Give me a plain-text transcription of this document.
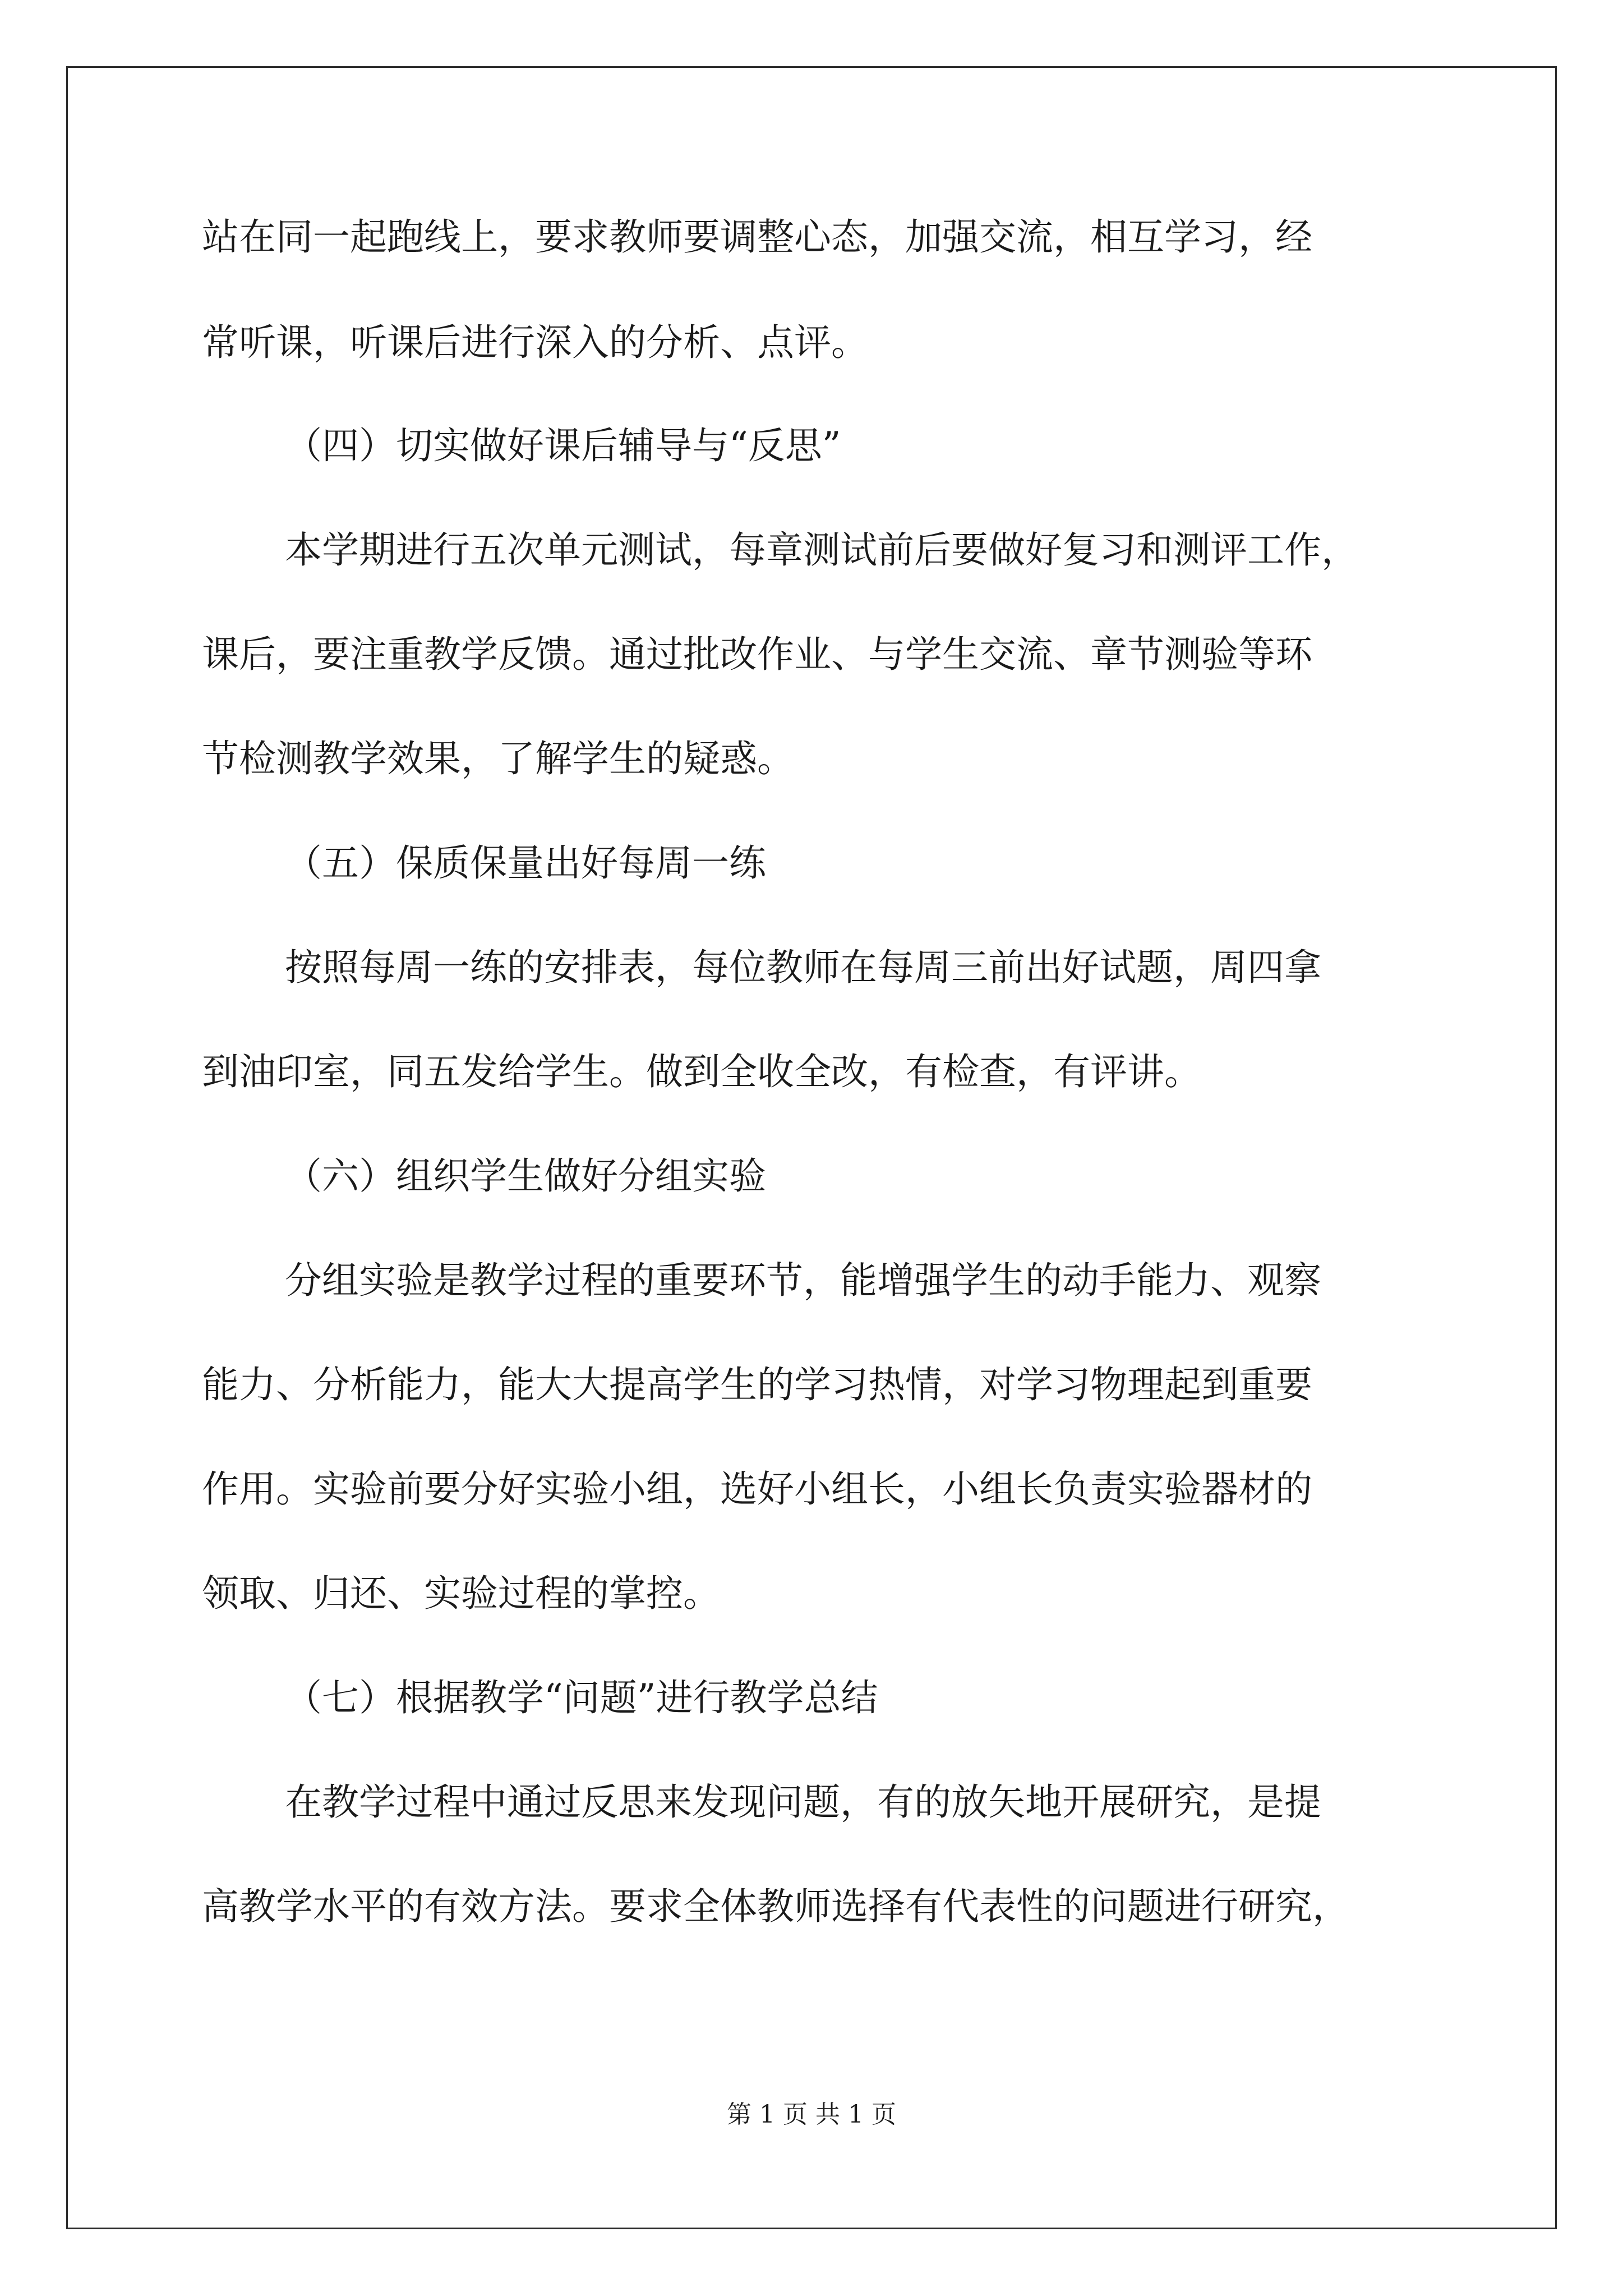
站在同一起跑线上，要求教师要调整心态，加强交流，相互学习，经
常听课，听课后进行深入的分析、点评。
（四）切实做好课后辅导与“反思”
本学期进行五次单元测试，每章测试前后要做好复习和测评工作，
课后，要注重教学反馈。通过批改作业、与学生交流、章节测验等环
节检测教学效果，了解学生的疑惑。
（五）保质保量出好每周一练
按照每周一练的安排表，每位教师在每周三前出好试题，周四拿
到油印室，同五发给学生。做到全收全改，有检查，有评讲。
（六）组织学生做好分组实验
分组实验是教学过程的重要环节，能增强学生的动手能力、观察
能力、分析能力，能大大提高学生的学习热情，对学习物理起到重要
作用。实验前要分好实验小组，选好小组长，小组长负责实验器材的
领取、归还、实验过程的掌控。
（七）根据教学“问题”进行教学总结
在教学过程中通过反思来发现问题，有的放矢地开展研究，是提
高教学水平的有效方法。要求全体教师选择有代表性的问题进行研究，
第 1 页 共 1 页
